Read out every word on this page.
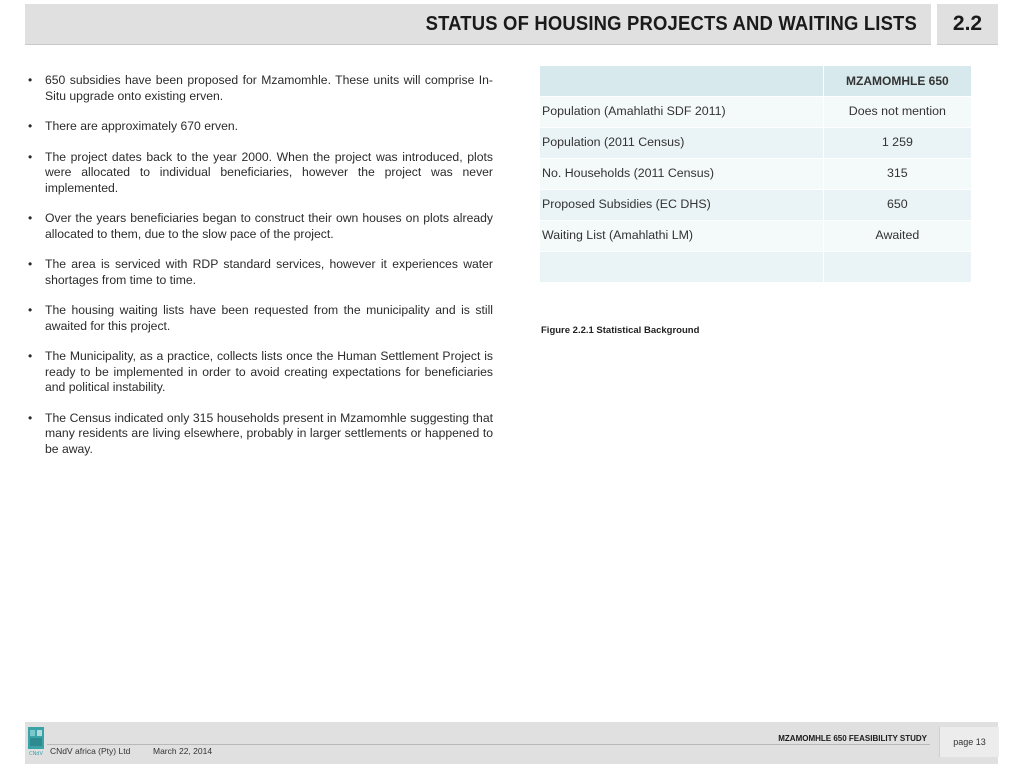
STATUS OF HOUSING PROJECTS AND WAITING LISTS	2.2
• 650 subsidies have been proposed for Mzamomhle. These units will comprise In-Situ upgrade onto existing erven.
• There are approximately 670 erven.
• The project dates back to the year 2000. When the project was introduced, plots were allocated to individual beneficiaries, however the project was never implemented.
• Over the years beneficiaries began to construct their own houses on plots already allocated to them, due to the slow pace of the project.
• The area is serviced with RDP standard services, however it experiences water shortages from time to time.
• The housing waiting lists have been requested from the municipality and is still awaited for this project.
• The Municipality, as a practice, collects lists once the Human Settlement Project is ready to be implemented in order to avoid creating expectations for beneficiaries and political instability.
• The Census indicated only 315 households present in Mzamomhle suggesting that many residents are living elsewhere, probably in larger settlements or happened to be away.
	MZAMOMHLE 650
Population (Amahlathi SDF 2011)	Does not mention
Population (2011 Census)	1 259
No. Households (2011 Census)	315
Proposed Subsidies (EC DHS)	650
Waiting List (Amahlathi LM)	Awaited

Figure 2.2.1 Statistical Background
CNdV CNdV africa (Pty) Ltd	March 22, 2014
MZAMOMHLE 650 FEASIBILITY STUDY	page 13
